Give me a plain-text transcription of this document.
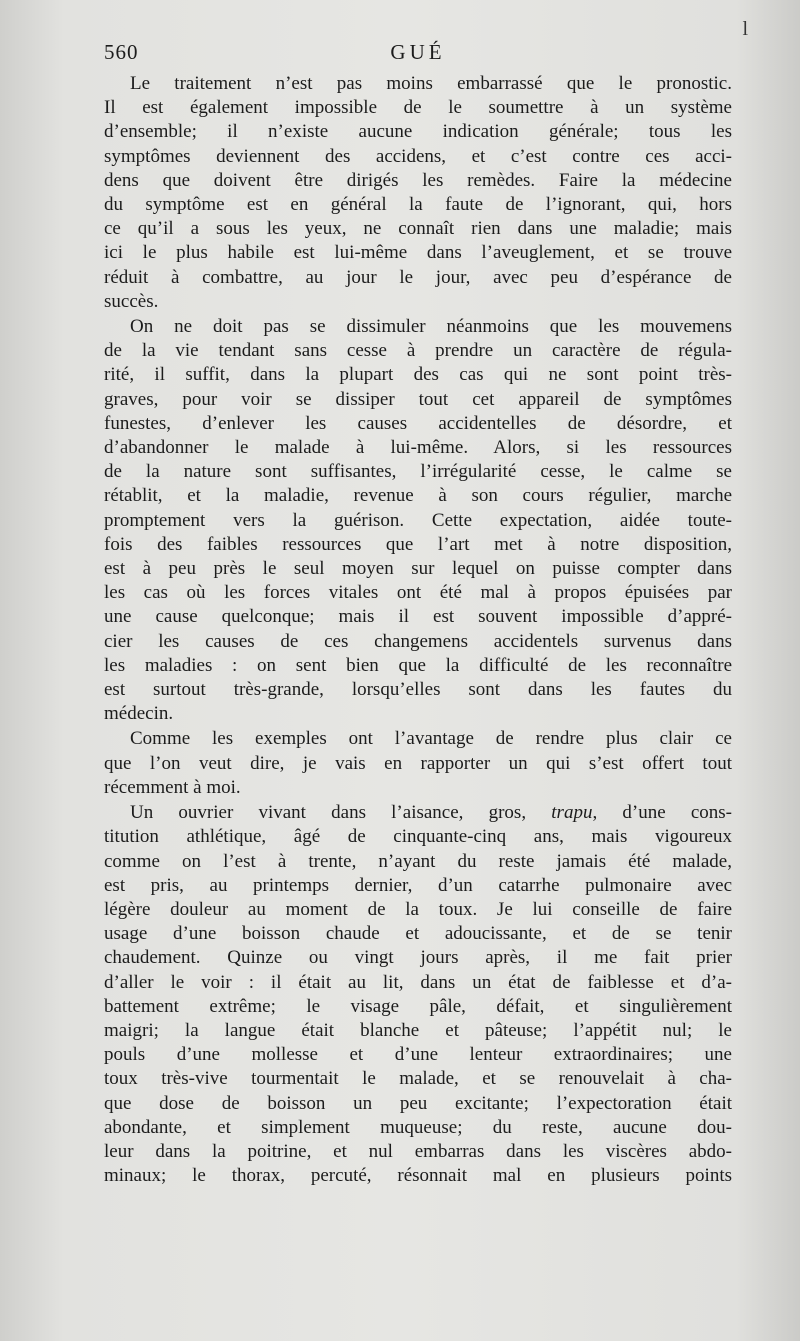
l
560	GUÉ
Le traitement n’est pas moins embarrassé que le pronostic.
Il est également impossible de le soumettre à un système
d’ensemble; il n’existe aucune indication générale; tous les
symptômes deviennent des accidens, et c’est contre ces acci-
dens que doivent être dirigés les remèdes. Faire la médecine
du symptôme est en général la faute de l’ignorant, qui, hors
ce qu’il a sous les yeux, ne connaît rien dans une maladie; mais
ici le plus habile est lui-même dans l’aveuglement, et se trouve
réduit à combattre, au jour le jour, avec peu d’espérance de
succès.
On ne doit pas se dissimuler néanmoins que les mouvemens
de la vie tendant sans cesse à prendre un caractère de régula-
rité, il suffit, dans la plupart des cas qui ne sont point très-
graves, pour voir se dissiper tout cet appareil de symptômes
funestes, d’enlever les causes accidentelles de désordre, et
d’abandonner le malade à lui-même. Alors, si les ressources
de la nature sont suffisantes, l’irrégularité cesse, le calme se
rétablit, et la maladie, revenue à son cours régulier, marche
promptement vers la guérison. Cette expectation, aidée toute-
fois des faibles ressources que l’art met à notre disposition,
est à peu près le seul moyen sur lequel on puisse compter dans
les cas où les forces vitales ont été mal à propos épuisées par
une cause quelconque; mais il est souvent impossible d’appré-
cier les causes de ces changemens accidentels survenus dans
les maladies : on sent bien que la difficulté de les reconnaître
est surtout très-grande, lorsqu’elles sont dans les fautes du
médecin.
Comme les exemples ont l’avantage de rendre plus clair ce
que l’on veut dire, je vais en rapporter un qui s’est offert tout
récemment à moi.
Un ouvrier vivant dans l’aisance, gros, trapu, d’une cons-
titution athlétique, âgé de cinquante-cinq ans, mais vigoureux
comme on l’est à trente, n’ayant du reste jamais été malade,
est pris, au printemps dernier, d’un catarrhe pulmonaire avec
légère douleur au moment de la toux. Je lui conseille de faire
usage d’une boisson chaude et adoucissante, et de se tenir
chaudement. Quinze ou vingt jours après, il me fait prier
d’aller le voir : il était au lit, dans un état de faiblesse et d’a-
battement extrême; le visage pâle, défait, et singulièrement
maigri; la langue était blanche et pâteuse; l’appétit nul; le
pouls d’une mollesse et d’une lenteur extraordinaires; une
toux très-vive tourmentait le malade, et se renouvelait à cha-
que dose de boisson un peu excitante; l’expectoration était
abondante, et simplement muqueuse; du reste, aucune dou-
leur dans la poitrine, et nul embarras dans les viscères abdo-
minaux; le thorax, percuté, résonnait mal en plusieurs points
